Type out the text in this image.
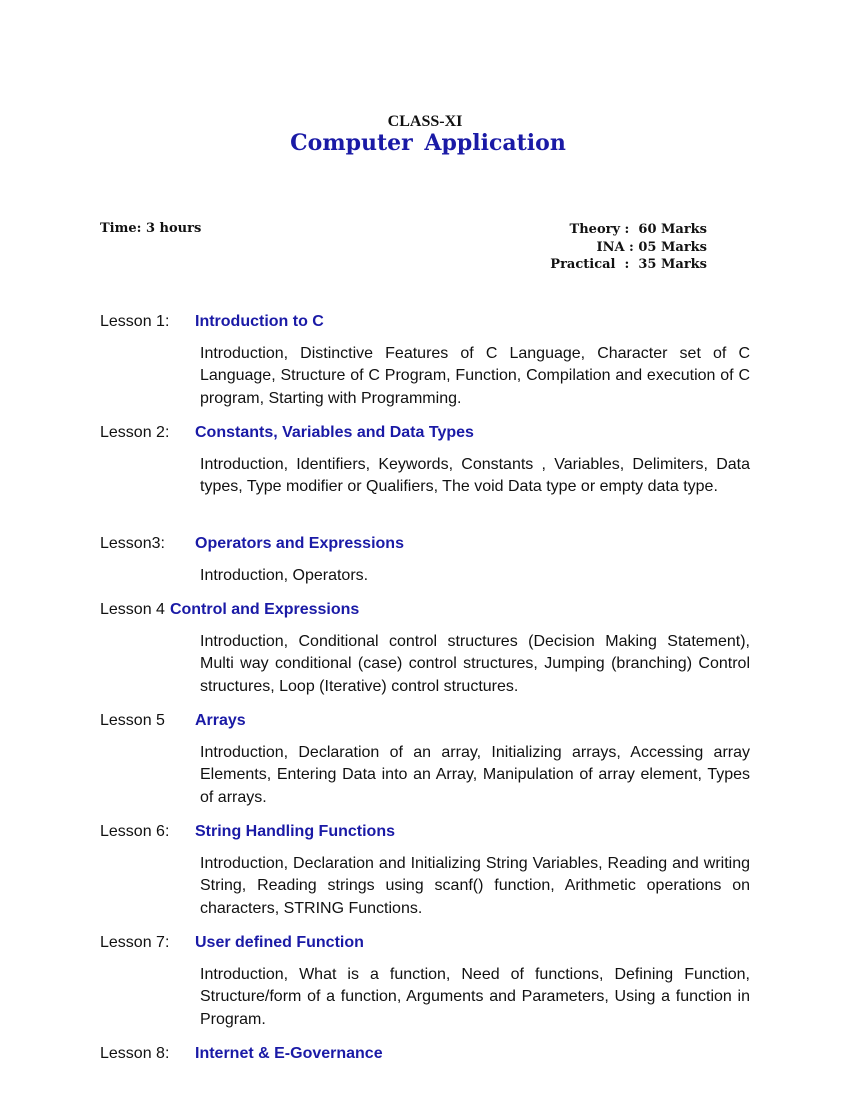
CLASS-XI
Computer Application
Time: 3 hours	Theory :  60 Marks
INA : 05 Marks
Practical  :  35 Marks
Lesson 1: Introduction to C
Introduction, Distinctive Features of C Language, Character set of C Language, Structure of C Program, Function, Compilation and execution of C program, Starting with Programming.
Lesson 2: Constants, Variables and Data Types
Introduction, Identifiers, Keywords, Constants , Variables, Delimiters, Data types, Type modifier or Qualifiers, The void Data type or empty data type.
Lesson3: Operators and Expressions
Introduction, Operators.
Lesson 4 Control and Expressions
Introduction, Conditional control structures (Decision Making Statement), Multi way conditional (case) control structures, Jumping (branching) Control structures, Loop (Iterative) control structures.
Lesson 5 Arrays
Introduction, Declaration of an array, Initializing arrays, Accessing array Elements, Entering Data into an Array, Manipulation of array element, Types of arrays.
Lesson 6: String Handling Functions
Introduction, Declaration and Initializing String Variables, Reading and writing String, Reading strings using scanf() function, Arithmetic operations on characters, STRING Functions.
Lesson 7: User defined Function
Introduction, What is a function, Need of functions, Defining Function, Structure/form of a function, Arguments and Parameters, Using a function in Program.
Lesson 8: Internet & E-Governance
